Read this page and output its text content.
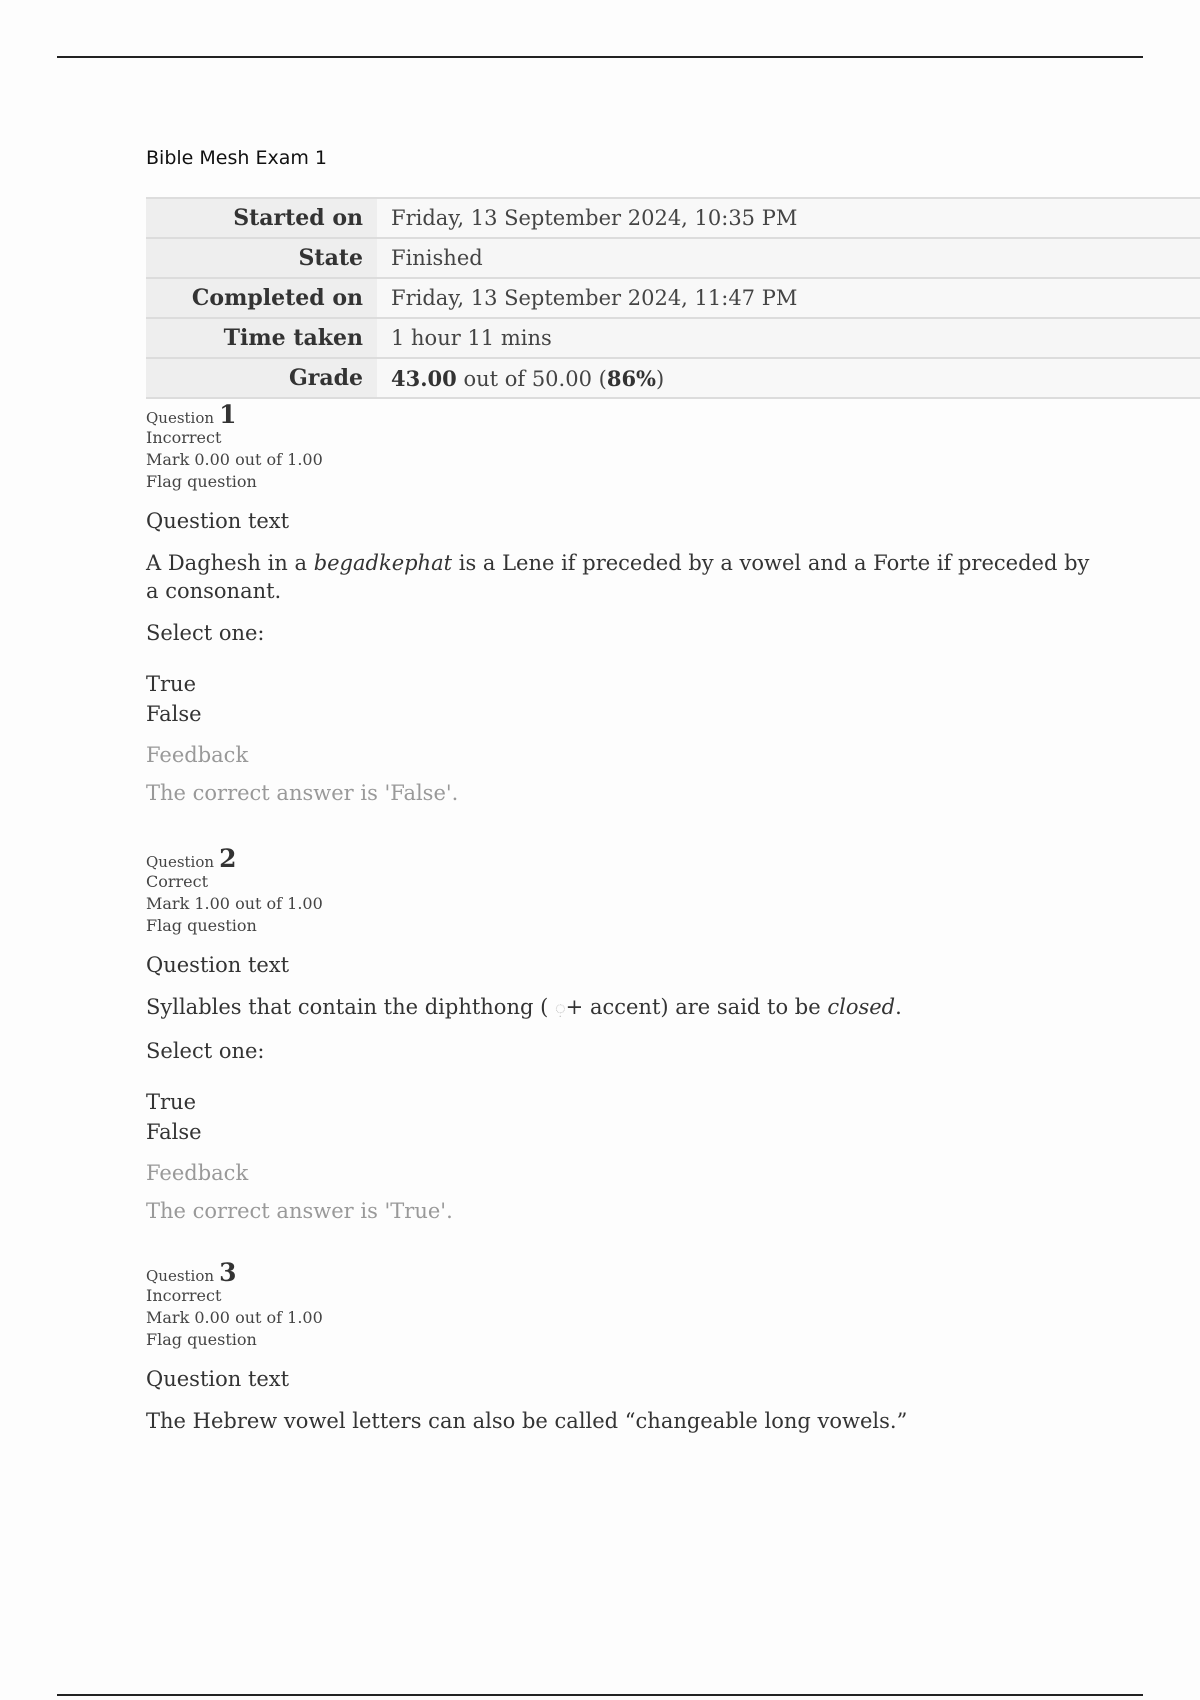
Bible Mesh Exam 1
Started on	Friday, 13 September 2024, 10:35 PM
State	Finished
Completed on	Friday, 13 September 2024, 11:47 PM
Time taken	1 hour 11 mins
Grade	43.00 out of 50.00 (86%)
Question 1
Incorrect
Mark 0.00 out of 1.00
Flag question
Question text
A Daghesh in a begadkephat is a Lene if preceded by a vowel and a Forte if preceded by a consonant.
Select one:
True
False
Feedback
The correct answer is 'False'.
Question 2
Correct
Mark 1.00 out of 1.00
Flag question
Question text
Syllables that contain the diphthong ( ◌ִ+ accent) are said to be closed.
Select one:
True
False
Feedback
The correct answer is 'True'.
Question 3
Incorrect
Mark 0.00 out of 1.00
Flag question
Question text
The Hebrew vowel letters can also be called “changeable long vowels.”
